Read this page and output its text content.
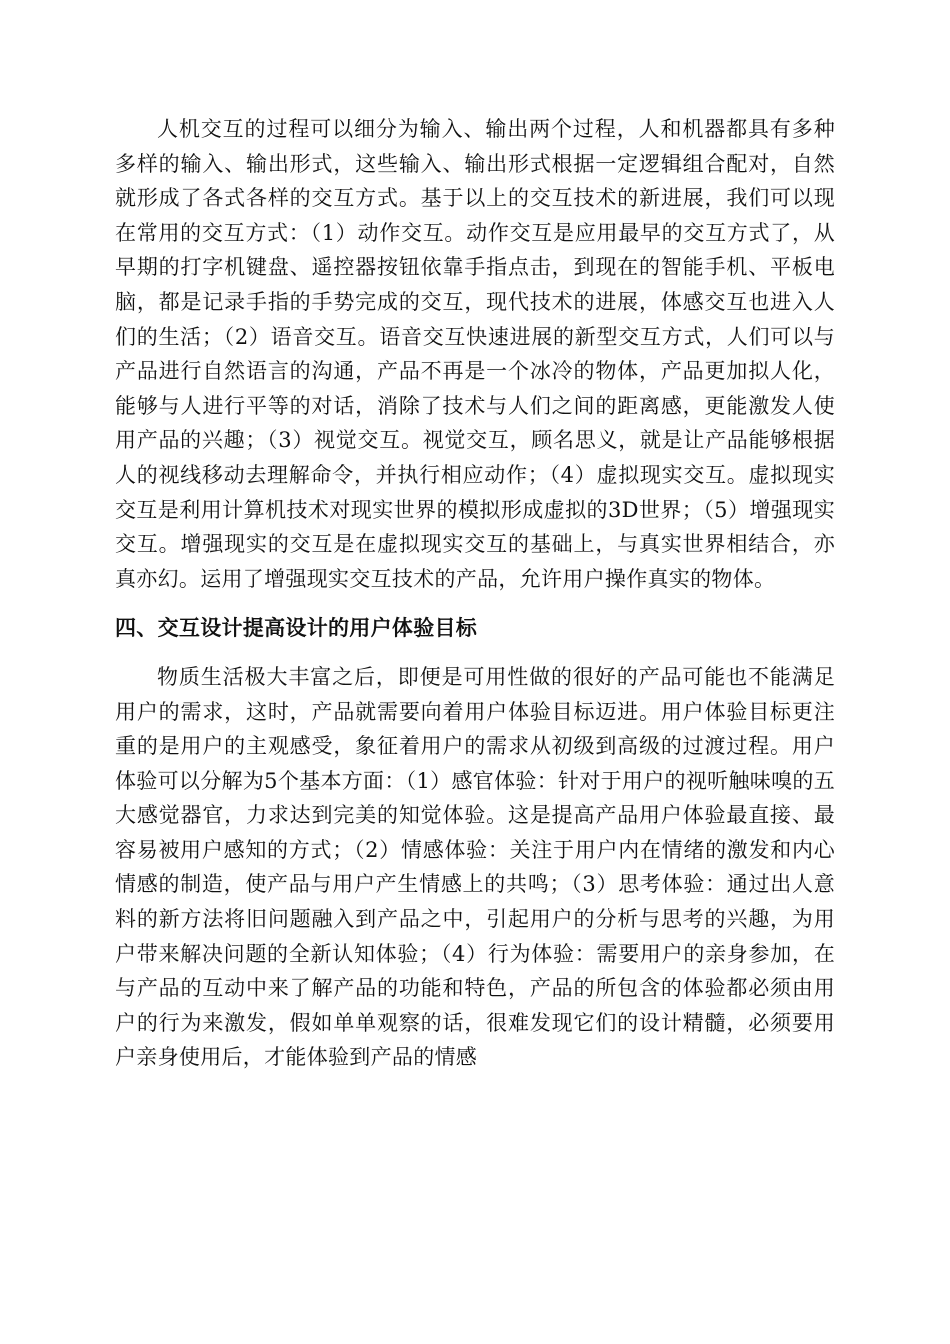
人机交互的过程可以细分为输入、输出两个过程，人和机器都具有多种多样的输入、输出形式，这些输入、输出形式根据一定逻辑组合配对，自然就形成了各式各样的交互方式。基于以上的交互技术的新进展，我们可以现在常用的交互方式：（1）动作交互。动作交互是应用最早的交互方式了，从早期的打字机键盘、遥控器按钮依靠手指点击，到现在的智能手机、平板电脑，都是记录手指的手势完成的交互，现代技术的进展，体感交互也进入人们的生活；（2）语音交互。语音交互快速进展的新型交互方式，人们可以与产品进行自然语言的沟通，产品不再是一个冰冷的物体，产品更加拟人化，能够与人进行平等的对话，消除了技术与人们之间的距离感，更能激发人使用产品的兴趣；（3）视觉交互。视觉交互，顾名思义，就是让产品能够根据人的视线移动去理解命令，并执行相应动作；（4）虚拟现实交互。虚拟现实交互是利用计算机技术对现实世界的模拟形成虚拟的3D世界；（5）增强现实交互。增强现实的交互是在虚拟现实交互的基础上，与真实世界相结合，亦真亦幻。运用了增强现实交互技术的产品，允许用户操作真实的物体。

四、交互设计提高设计的用户体验目标

物质生活极大丰富之后，即便是可用性做的很好的产品可能也不能满足用户的需求，这时，产品就需要向着用户体验目标迈进。用户体验目标更注重的是用户的主观感受，象征着用户的需求从初级到高级的过渡过程。用户体验可以分解为5个基本方面：（1）感官体验：针对于用户的视听触味嗅的五大感觉器官，力求达到完美的知觉体验。这是提高产品用户体验最直接、最容易被用户感知的方式；（2）情感体验：关注于用户内在情绪的激发和内心情感的制造，使产品与用户产生情感上的共鸣；（3）思考体验：通过出人意料的新方法将旧问题融入到产品之中，引起用户的分析与思考的兴趣，为用户带来解决问题的全新认知体验；（4）行为体验：需要用户的亲身参加，在与产品的互动中来了解产品的功能和特色，产品的所包含的体验都必须由用户的行为来激发，假如单单观察的话，很难发现它们的设计精髓，必须要用户亲身使用后，才能体验到产品的情感
